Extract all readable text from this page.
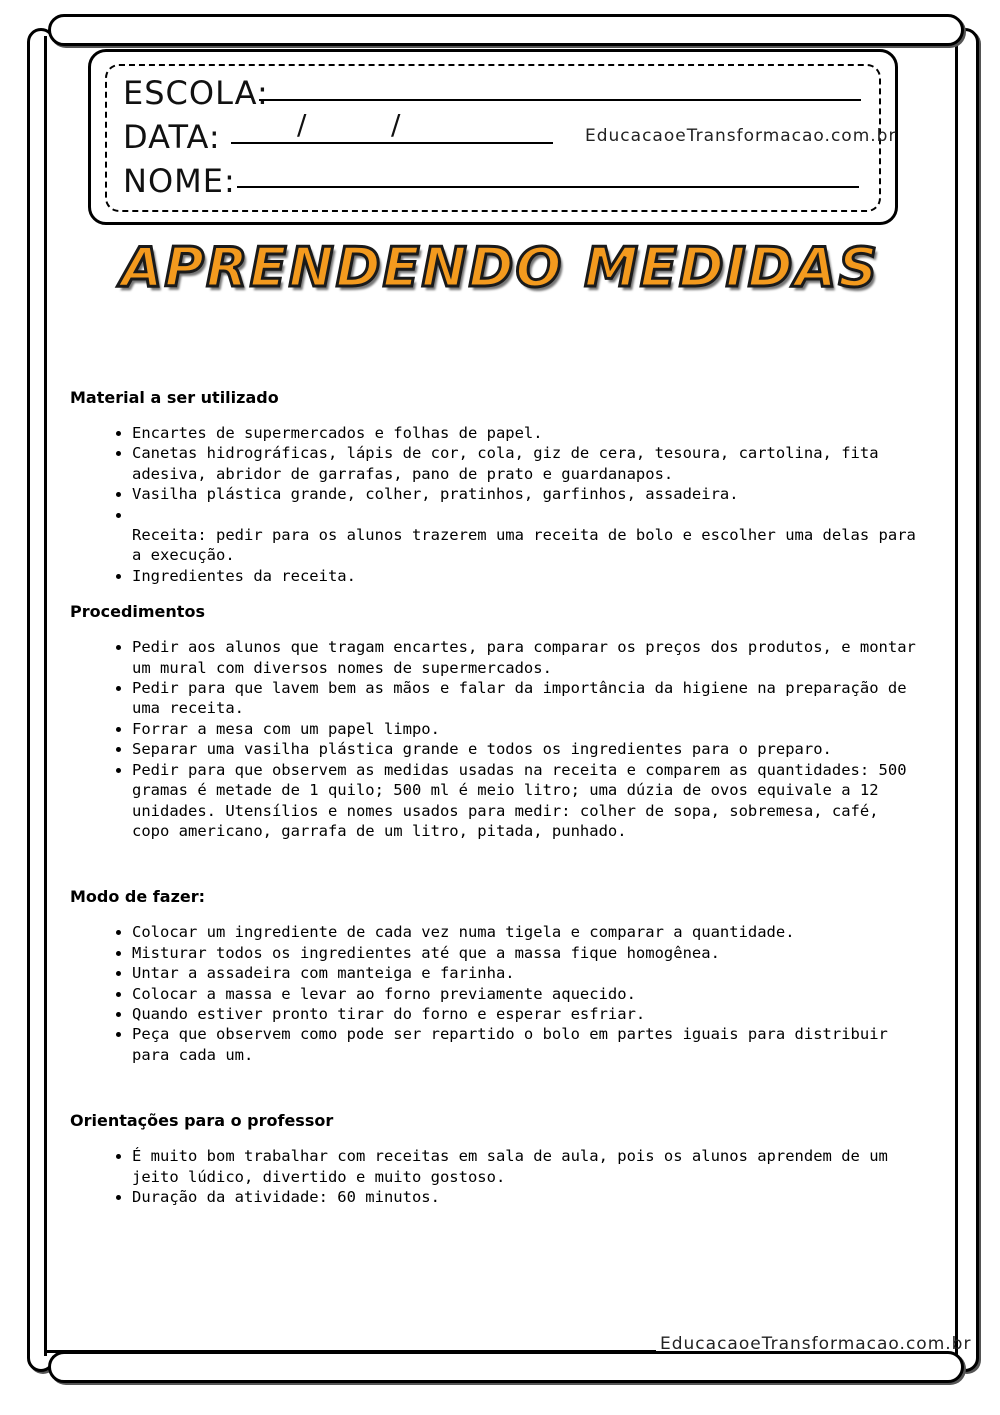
ESCOLA:
DATA:	/	/	EducacaoeTransformacao.com.br
NOME:
APRENDENDO MEDIDAS
Material a ser utilizado
• Encartes de supermercados e folhas de papel.
• Canetas hidrográficas, lápis de cor, cola, giz de cera, tesoura, cartolina, fita adesiva, abridor de garrafas, pano de prato e guardanapos.
• Vasilha plástica grande, colher, pratinhos, garfinhos, assadeira.

• Receita: pedir para os alunos trazerem uma receita de bolo e escolher uma delas para a execução.
• Ingredientes da receita.
Procedimentos
• Pedir aos alunos que tragam encartes, para comparar os preços dos produtos, e montar um mural com diversos nomes de supermercados.
• Pedir para que lavem bem as mãos e falar da importância da higiene na preparação de uma receita.
• Forrar a mesa com um papel limpo.
• Separar uma vasilha plástica grande e todos os ingredientes para o preparo.
• Pedir para que observem as medidas usadas na receita e comparem as quantidades: 500 gramas é metade de 1 quilo; 500 ml é meio litro; uma dúzia de ovos equivale a 12 unidades. Utensílios e nomes usados para medir: colher de sopa, sobremesa, café, copo americano, garrafa de um litro, pitada, punhado.
Modo de fazer:
• Colocar um ingrediente de cada vez numa tigela e comparar a quantidade.
• Misturar todos os ingredientes até que a massa fique homogênea.
• Untar a assadeira com manteiga e farinha.
• Colocar a massa e levar ao forno previamente aquecido.
• Quando estiver pronto tirar do forno e esperar esfriar.
• Peça que observem como pode ser repartido o bolo em partes iguais para distribuir para cada um.
Orientações para o professor
• É muito bom trabalhar com receitas em sala de aula, pois os alunos aprendem de um jeito lúdico, divertido e muito gostoso.
• Duração da atividade: 60 minutos.
EducacaoeTransformacao.com.br
